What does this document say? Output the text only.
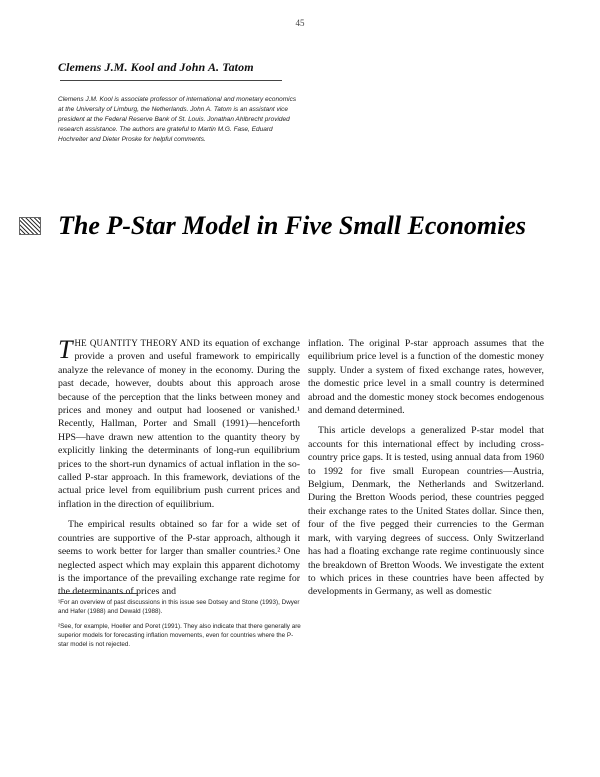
45
Clemens J.M. Kool and John A. Tatom
Clemens J.M. Kool is associate professor of international and monetary economics at the University of Limburg, the Netherlands. John A. Tatom is an assistant vice president at the Federal Reserve Bank of St. Louis. Jonathan Ahlbrecht provided research assistance. The authors are grateful to Martin M.G. Fase, Eduard Hochreiter and Dieter Proske for helpful comments.
The P-Star Model in Five Small Economies

THE QUANTITY THEORY AND its equation of exchange provide a proven and useful framework to empirically analyze the relevance of money in the economy. During the past decade, however, doubts about this approach arose because of the perception that the links between money and prices and money and output had loosened or vanished.¹ Recently, Hallman, Porter and Small (1991)—henceforth HPS—have drawn new attention to the quantity theory by explicitly linking the determinants of long-run equilibrium prices to the short-run dynamics of actual inflation in the so-called P-star approach. In this framework, deviations of the actual price level from equilibrium push current prices and inflation in the direction of equilibrium.

The empirical results obtained so far for a wide set of countries are supportive of the P-star approach, although it seems to work better for larger than smaller countries.² One neglected aspect which may explain this apparent dichotomy is the importance of the prevailing exchange rate regime for the determinants of prices and

inflation. The original P-star approach assumes that the equilibrium price level is a function of the domestic money supply. Under a system of fixed exchange rates, however, the domestic price level in a small country is determined abroad and the domestic money stock becomes endogenous and demand determined.

This article develops a generalized P-star model that accounts for this international effect by including cross-country price gaps. It is tested, using annual data from 1960 to 1992 for five small European countries—Austria, Belgium, Denmark, the Netherlands and Switzerland. During the Bretton Woods period, these countries pegged their exchange rates to the United States dollar. Since then, four of the five pegged their currencies to the German mark, with varying degrees of success. Only Switzerland has had a floating exchange rate regime continuously since the breakdown of Bretton Woods. We investigate the extent to which prices in these countries have been affected by developments in Germany, as well as domestic

¹For an overview of past discussions in this issue see Dotsey and Stone (1993), Dwyer and Hafer (1988) and Dewald (1988).

²See, for example, Hoeller and Poret (1991). They also indicate that there generally are superior models for forecasting inflation movements, even for countries where the P-star model is not rejected.
